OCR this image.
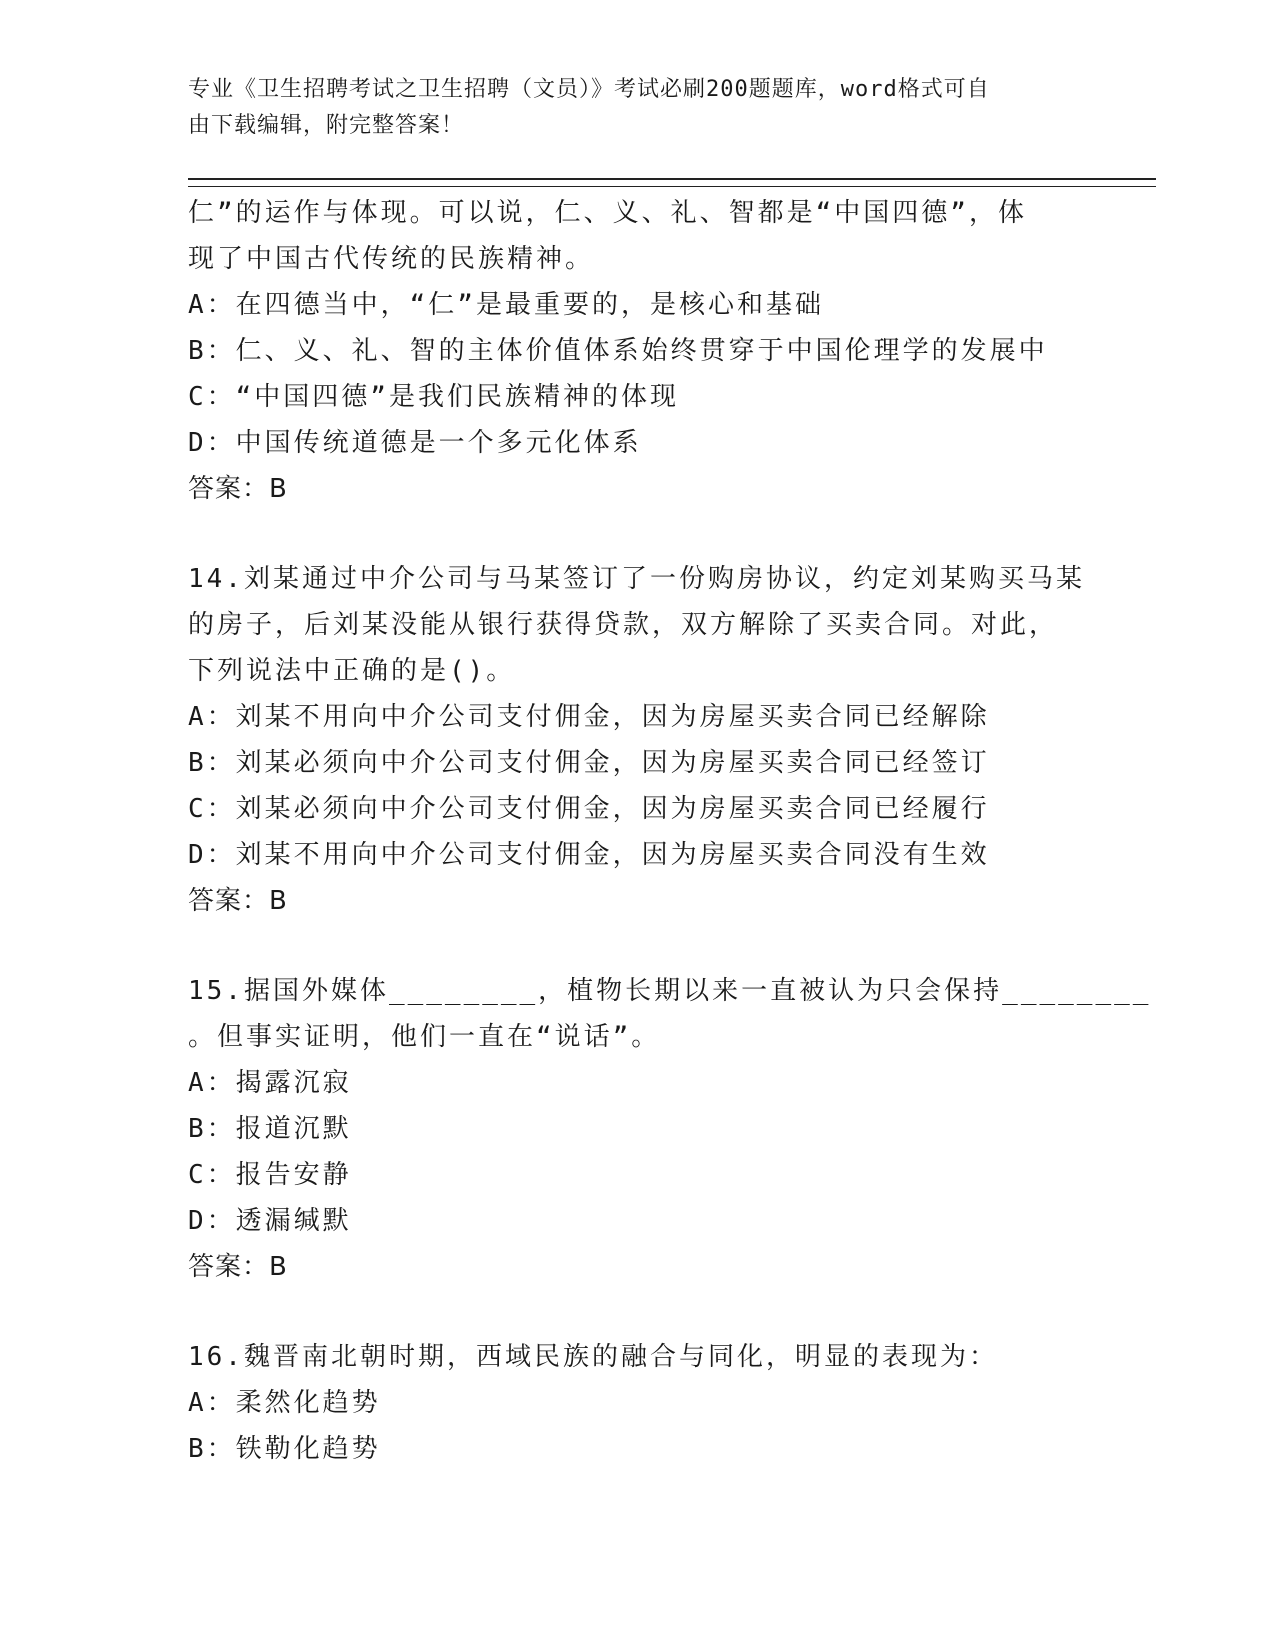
专业《卫生招聘考试之卫生招聘（文员）》考试必刷200题题库，word格式可自
由下载编辑，附完整答案！
仁”的运作与体现。可以说，仁、义、礼、智都是“中国四德”，体
现了中国古代传统的民族精神。
A：在四德当中，“仁”是最重要的，是核心和基础
B：仁、义、礼、智的主体价值体系始终贯穿于中国伦理学的发展中
C：“中国四德”是我们民族精神的体现
D：中国传统道德是一个多元化体系
答案：B
14.刘某通过中介公司与马某签订了一份购房协议，约定刘某购买马某
的房子，后刘某没能从银行获得贷款，双方解除了买卖合同。对此，
下列说法中正确的是()。
A：刘某不用向中介公司支付佣金，因为房屋买卖合同已经解除
B：刘某必须向中介公司支付佣金，因为房屋买卖合同已经签订
C：刘某必须向中介公司支付佣金，因为房屋买卖合同已经履行
D：刘某不用向中介公司支付佣金，因为房屋买卖合同没有生效
答案：B
15.据国外媒体________，植物长期以来一直被认为只会保持________
。但事实证明，他们一直在“说话”。
A：揭露沉寂
B：报道沉默
C：报告安静
D：透漏缄默
答案：B
16.魏晋南北朝时期，西域民族的融合与同化，明显的表现为：
A：柔然化趋势
B：铁勒化趋势
